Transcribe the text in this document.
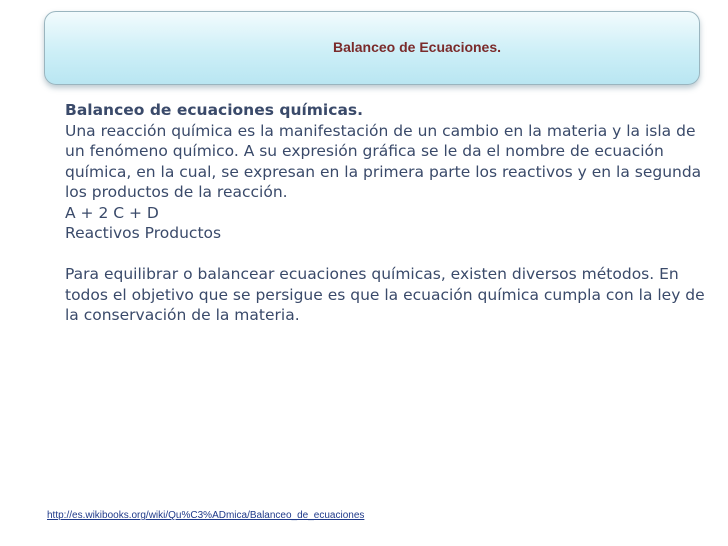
Balanceo de Ecuaciones.

Balanceo de ecuaciones químicas.

Una reacción química es la manifestación de un cambio en la materia y la isla de un fenómeno químico. A su expresión gráfica se le da el nombre de ecuación química, en la cual, se expresan en la primera parte los reactivos y en la segunda los productos de la reacción.

A + 2 C + D

Reactivos Productos

Para equilibrar o balancear ecuaciones químicas, existen diversos métodos. En todos el objetivo que se persigue es que la ecuación química cumpla con la ley de la conservación de la materia.

http://es.wikibooks.org/wiki/Qu%C3%ADmica/Balanceo_de_ecuaciones
